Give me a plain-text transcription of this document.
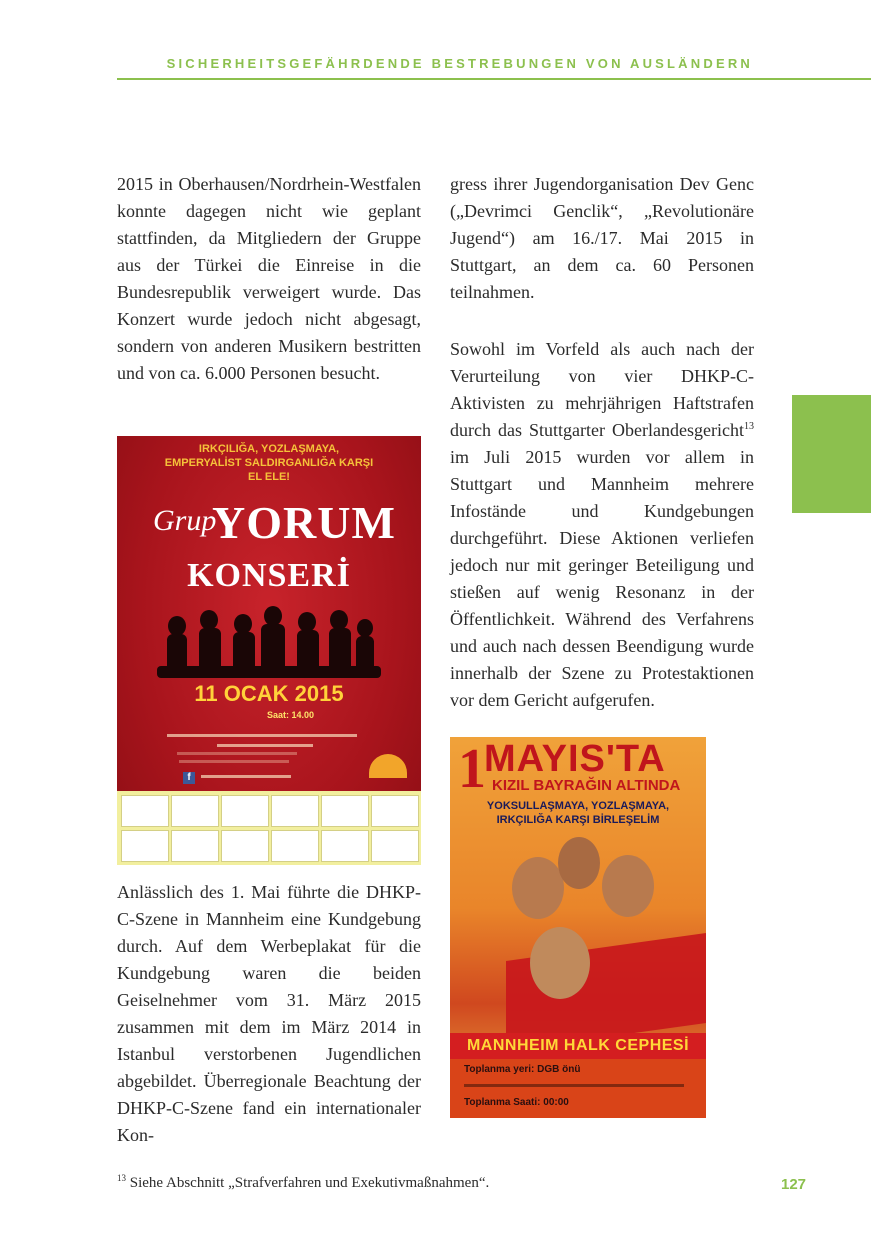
SICHERHEITSGEFÄHRDENDE BESTREBUNGEN VON AUSLÄNDERN

2015 in Oberhausen/Nordrhein-Westfalen konnte dagegen nicht wie geplant stattfinden, da Mitgliedern der Gruppe aus der Türkei die Einreise in die Bundesrepublik verweigert wurde. Das Konzert wurde jedoch nicht abgesagt, sondern von anderen Musikern bestritten und von ca. 6.000 Personen besucht.

IRKÇILIĞA, YOZLAŞMAYA,
EMPERYALİST SALDIRGANLIĞA KARŞI
EL ELE!
Grup
YORUM
KONSERİ
11 OCAK 2015
Saat: 14.00
f

Anlässlich des 1. Mai führte die DHKP-C-Szene in Mannheim eine Kundgebung durch. Auf dem Werbeplakat für die Kundgebung waren die beiden Geiselnehmer vom 31. März 2015 zusammen mit dem im März 2014 in Istanbul verstorbenen Jugendlichen abgebildet. Überregionale Beachtung der DHKP-C-Szene fand ein internationaler Kon-

gress ihrer Jugendorganisation Dev Genc („Devrimci Genclik“, „Revolutionäre Jugend“) am 16./17. Mai 2015 in Stuttgart, an dem ca. 60 Personen teilnahmen.

Sowohl im Vorfeld als auch nach der Verurteilung von vier DHKP-C-Aktivisten zu mehrjährigen Haftstrafen durch das Stuttgarter Oberlandesgericht$^{13}$ im Juli 2015 wurden vor allem in Stuttgart und Mannheim mehrere Infostände und Kundgebungen durchgeführt. Diese Aktionen verliefen jedoch nur mit geringer Beteiligung und stießen auf wenig Resonanz in der Öffentlichkeit. Während des Verfahrens und auch nach dessen Beendigung wurde innerhalb der Szene zu Protestaktionen vor dem Gericht aufgerufen.

1
MAYIS'TA
KIZIL BAYRAĞIN ALTINDA
YOKSULLAŞMAYA, YOZLAŞMAYA,
IRKÇILIĞA KARŞI BİRLEŞELİM
MANNHEIM HALK CEPHESİ
Toplanma yeri: DGB önü
Toplanma Saati: 00:00
$^{13}$ Siehe Abschnitt „Strafverfahren und Exekutivmaßnahmen“.	127
